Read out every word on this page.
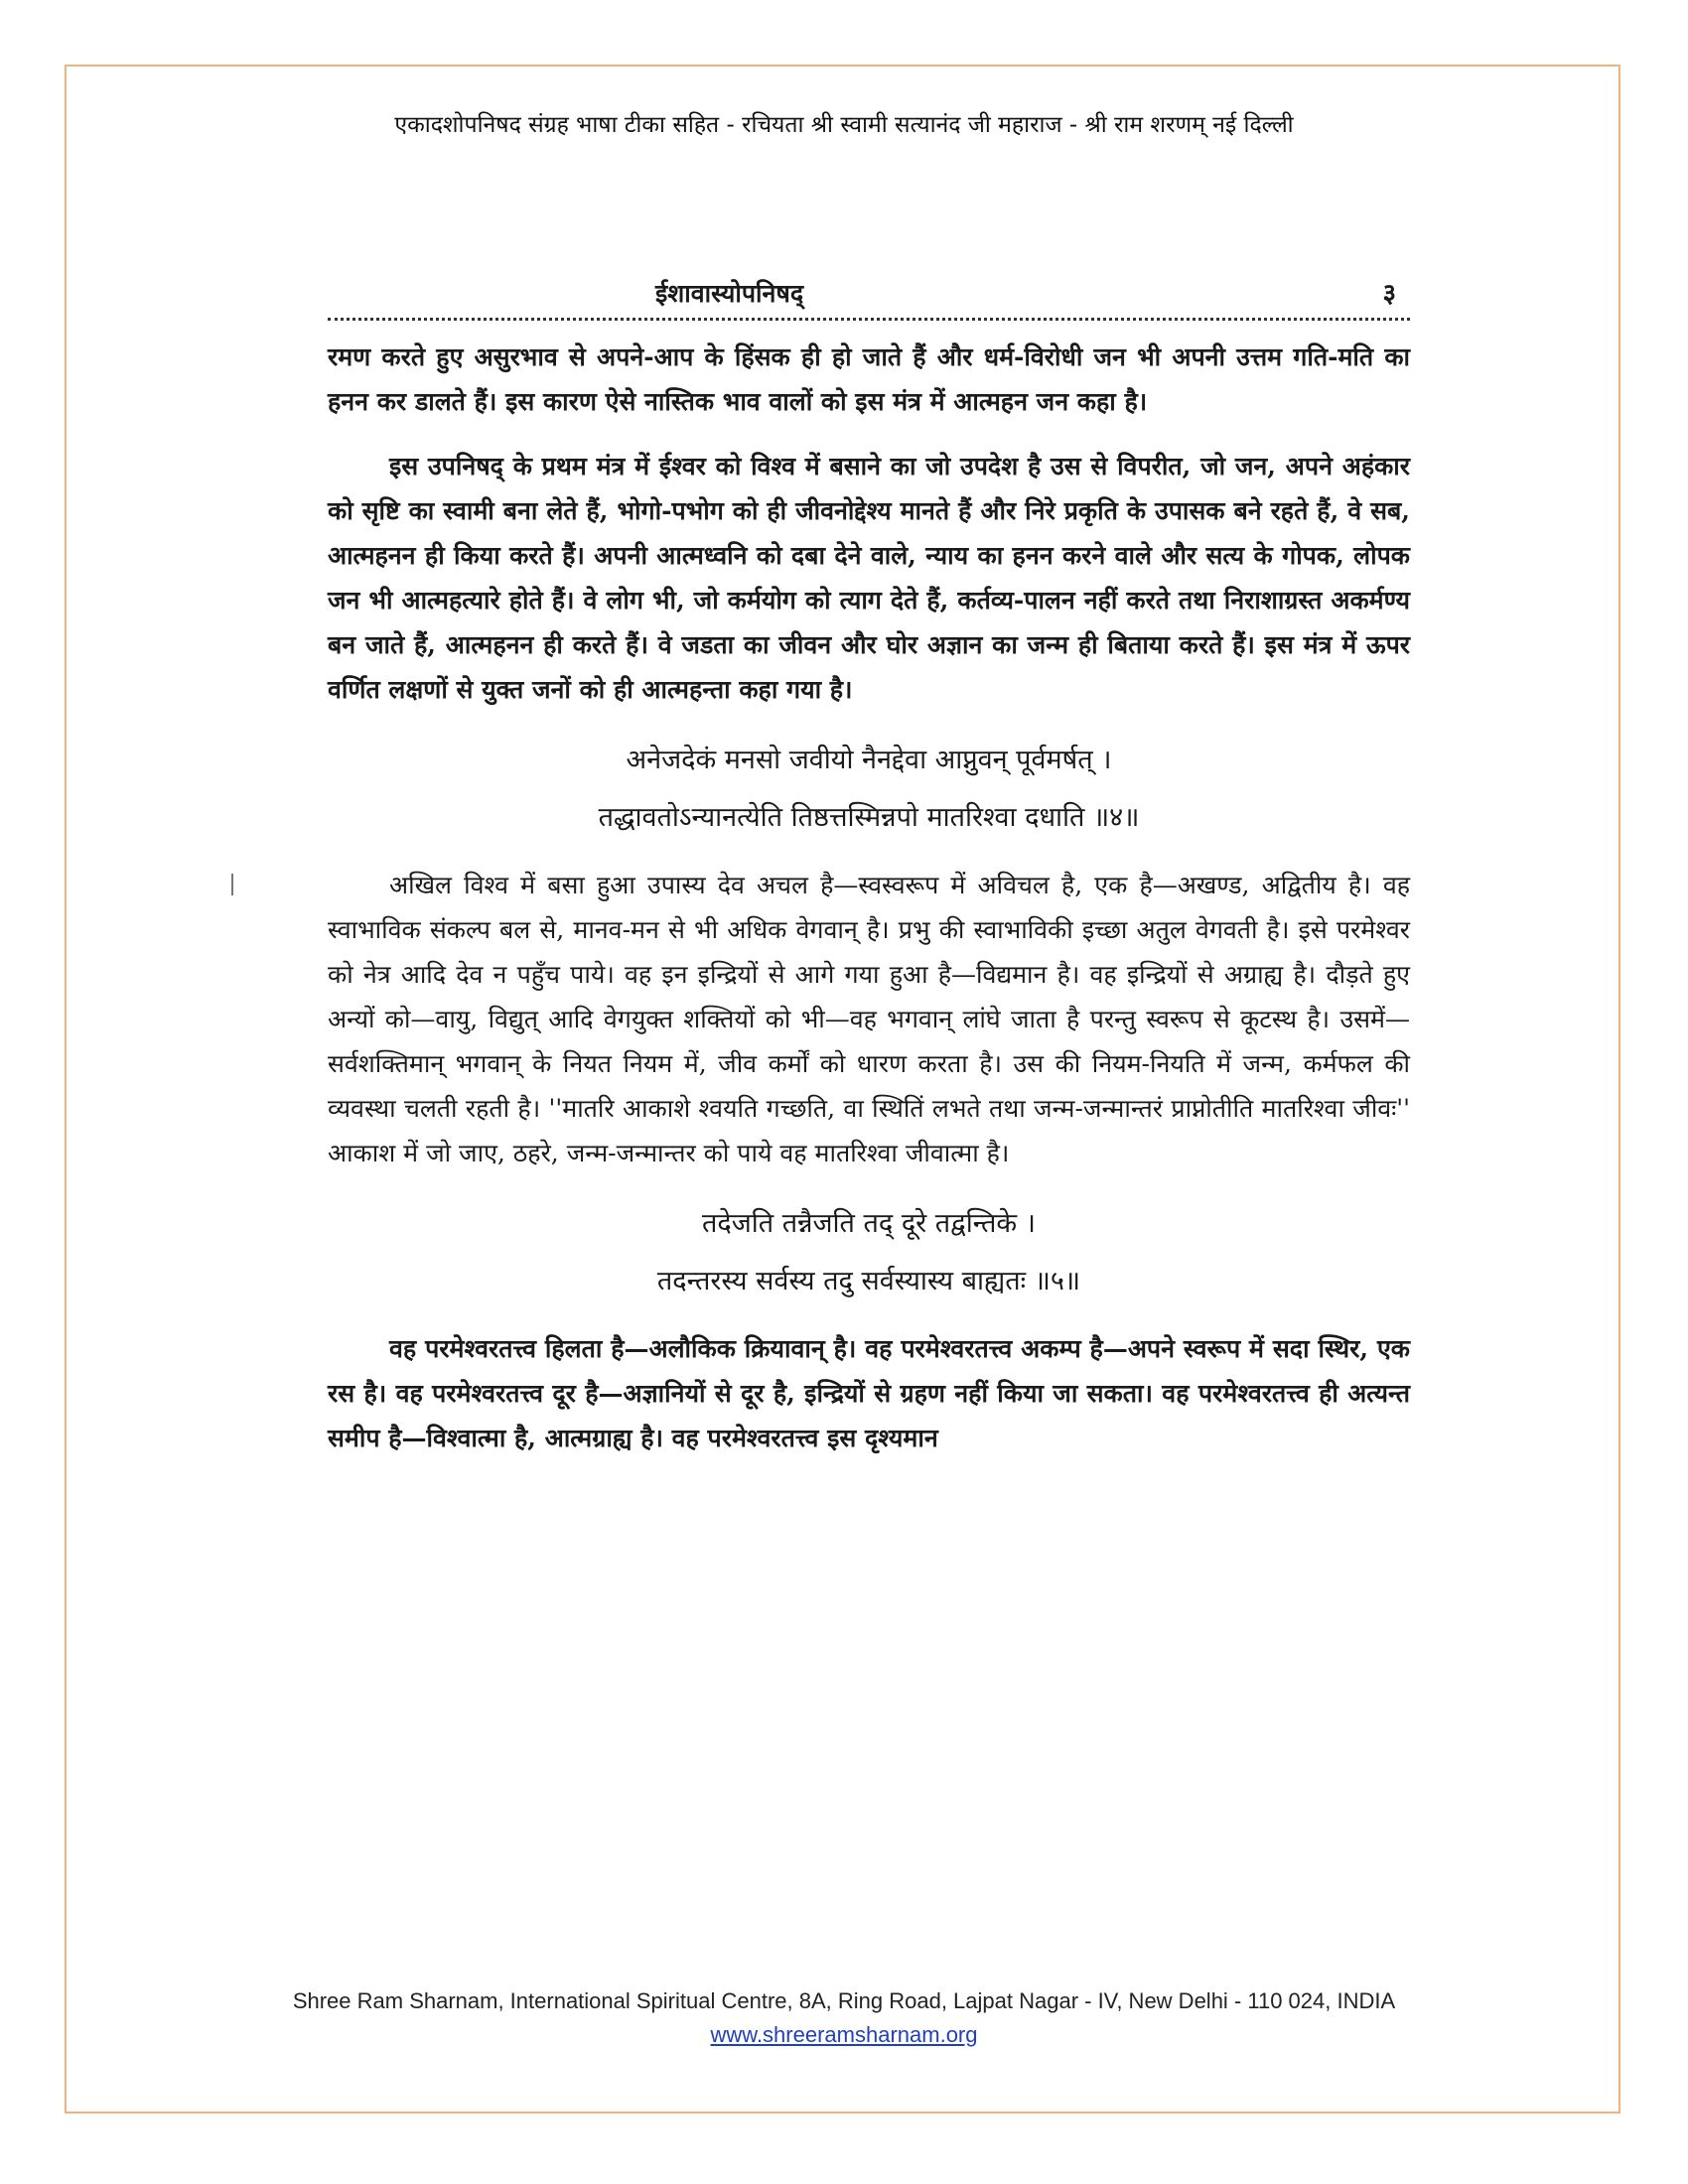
एकादशोपनिषद संग्रह भाषा टीका सहित - रचियता श्री स्वामी सत्यानंद जी महाराज - श्री राम शरणम् नई दिल्ली
ईशावास्योपनिषद्	३

रमण करते हुए असुरभाव से अपने-आप के हिंसक ही हो जाते हैं और धर्म-विरोधी जन भी अपनी उत्तम गति-मति का हनन कर डालते हैं। इस कारण ऐसे नास्तिक भाव वालों को इस मंत्र में आत्महन जन कहा है।

इस उपनिषद् के प्रथम मंत्र में ईश्वर को विश्व में बसाने का जो उपदेश है उस से विपरीत, जो जन, अपने अहंकार को सृष्टि का स्वामी बना लेते हैं, भोगो-पभोग को ही जीवनोद्देश्य मानते हैं और निरे प्रकृति के उपासक बने रहते हैं, वे सब, आत्महनन ही किया करते हैं। अपनी आत्मध्वनि को दबा देने वाले, न्याय का हनन करने वाले और सत्य के गोपक, लोपक जन भी आत्महत्यारे होते हैं। वे लोग भी, जो कर्मयोग को त्याग देते हैं, कर्तव्य-पालन नहीं करते तथा निराशाग्रस्त अकर्मण्य बन जाते हैं, आत्महनन ही करते हैं। वे जडता का जीवन और घोर अज्ञान का जन्म ही बिताया करते हैं। इस मंत्र में ऊपर वर्णित लक्षणों से युक्त जनों को ही आत्महन्ता कहा गया है।

अनेजदेकं मनसो जवीयो नैनद्देवा आप्नुवन् पूर्वमर्षत् ।
तद्धावतोऽन्यानत्येति तिष्ठत्तस्मिन्नपो मातरिश्वा दधाति ॥४॥

अखिल विश्व में बसा हुआ उपास्य देव अचल है—स्वस्वरूप में अविचल है, एक है—अखण्ड, अद्वितीय है। वह स्वाभाविक संकल्प बल से, मानव-मन से भी अधिक वेगवान् है। प्रभु की स्वाभाविकी इच्छा अतुल वेगवती है। इसे परमेश्वर को नेत्र आदि देव न पहुँच पाये। वह इन इन्द्रियों से आगे गया हुआ है—विद्यमान है। वह इन्द्रियों से अग्राह्य है। दौड़ते हुए अन्यों को—वायु, विद्युत् आदि वेगयुक्त शक्तियों को भी—वह भगवान् लांघे जाता है परन्तु स्वरूप से कूटस्थ है। उसमें—सर्वशक्तिमान् भगवान् के नियत नियम में, जीव कर्मों को धारण करता है। उस की नियम-नियति में जन्म, कर्मफल की व्यवस्था चलती रहती है। ''मातरि आकाशे श्वयति गच्छति, वा स्थितिं लभते तथा जन्म-जन्मान्तरं प्राप्नोतीति मातरिश्वा जीवः'' आकाश में जो जाए, ठहरे, जन्म-जन्मान्तर को पाये वह मातरिश्वा जीवात्मा है।

तदेजति तन्नैजति तद् दूरे तद्वन्तिके ।
तदन्तरस्य सर्वस्य तदु सर्वस्यास्य बाह्यतः ॥५॥

वह परमेश्वरतत्त्व हिलता है—अलौकिक क्रियावान् है। वह परमेश्वरतत्त्व अकम्प है—अपने स्वरूप में सदा स्थिर, एक रस है। वह परमेश्वरतत्त्व दूर है—अज्ञानियों से दूर है, इन्द्रियों से ग्रहण नहीं किया जा सकता। वह परमेश्वरतत्त्व ही अत्यन्त समीप है—विश्वात्मा है, आत्मग्राह्य है। वह परमेश्वरतत्त्व इस दृश्यमान

Shree Ram Sharnam, International Spiritual Centre, 8A, Ring Road, Lajpat Nagar - IV, New Delhi - 110 024, INDIA
www.shreeramsharnam.org
